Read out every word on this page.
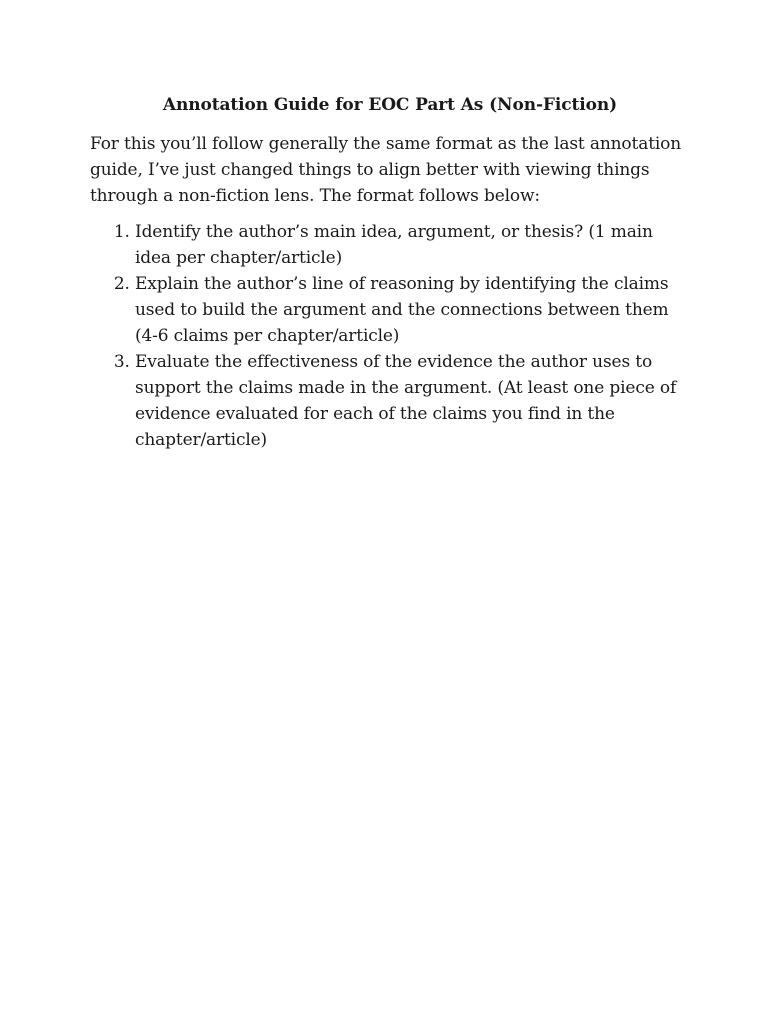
Annotation Guide for EOC Part As (Non-Fiction)

For this you’ll follow generally the same format as the last annotation guide, I’ve just changed things to align better with viewing things through a non-fiction lens. The format follows below:

1. Identify the author’s main idea, argument, or thesis? (1 main idea per chapter/article)
2. Explain the author’s line of reasoning by identifying the claims used to build the argument and the connections between them (4-6 claims per chapter/article)
3. Evaluate the effectiveness of the evidence the author uses to support the claims made in the argument. (At least one piece of evidence evaluated for each of the claims you find in the chapter/article)
